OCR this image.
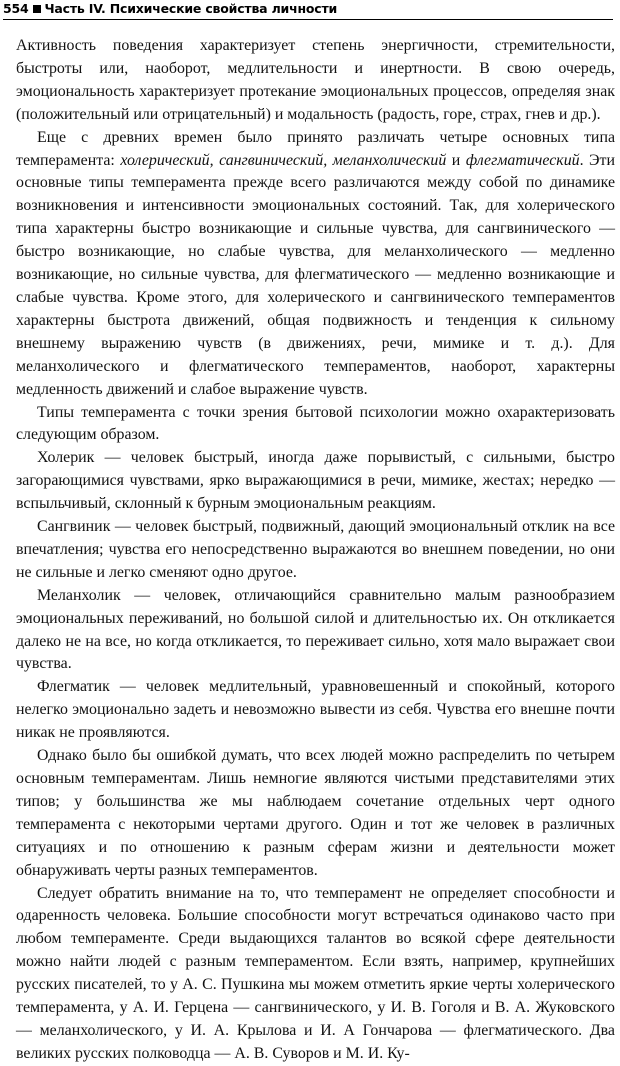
554 Часть IV. Психические свойства личности

Активность поведения характеризует степень энергичности, стремительности, быстроты или, наоборот, медлительности и инертности. В свою очередь, эмоциональность характеризует протекание эмоциональных процессов, определяя знак (положительный или отрицательный) и модальность (радость, горе, страх, гнев и др.).

Еще с древних времен было принято различать четыре основных типа темперамента: холерический, сангвинический, меланхолический и флегматический. Эти основные типы темперамента прежде всего различаются между собой по динамике возникновения и интенсивности эмоциональных состояний. Так, для холерического типа характерны быстро возникающие и сильные чувства, для сангвинического — быстро возникающие, но слабые чувства, для меланхолического — медленно возникающие, но сильные чувства, для флегматического — медленно возникающие и слабые чувства. Кроме этого, для холерического и сангвинического темпераментов характерны быстрота движений, общая подвижность и тенденция к сильному внешнему выражению чувств (в движениях, речи, мимике и т. д.). Для меланхолического и флегматического темпераментов, наоборот, характерны медленность движений и слабое выражение чувств.

Типы темперамента с точки зрения бытовой психологии можно охарактеризовать следующим образом.

Холерик — человек быстрый, иногда даже порывистый, с сильными, быстро загорающимися чувствами, ярко выражающимися в речи, мимике, жестах; нередко — вспыльчивый, склонный к бурным эмоциональным реакциям.

Сангвиник — человек быстрый, подвижный, дающий эмоциональный отклик на все впечатления; чувства его непосредственно выражаются во внешнем поведении, но они не сильные и легко сменяют одно другое.

Меланхолик — человек, отличающийся сравнительно малым разнообразием эмоциональных переживаний, но большой силой и длительностью их. Он откликается далеко не на все, но когда откликается, то переживает сильно, хотя мало выражает свои чувства.

Флегматик — человек медлительный, уравновешенный и спокойный, которого нелегко эмоционально задеть и невозможно вывести из себя. Чувства его внешне почти никак не проявляются.

Однако было бы ошибкой думать, что всех людей можно распределить по четырем основным темпераментам. Лишь немногие являются чистыми представителями этих типов; у большинства же мы наблюдаем сочетание отдельных черт одного темперамента с некоторыми чертами другого. Один и тот же человек в различных ситуациях и по отношению к разным сферам жизни и деятельности может обнаруживать черты разных темпераментов.

Следует обратить внимание на то, что темперамент не определяет способности и одаренность человека. Большие способности могут встречаться одинаково часто при любом темпераменте. Среди выдающихся талантов во всякой сфере деятельности можно найти людей с разным темпераментом. Если взять, например, крупнейших русских писателей, то у А. С. Пушкина мы можем отметить яркие черты холерического темперамента, у А. И. Герцена — сангвинического, у И. В. Гоголя и В. А. Жуковского — меланхолического, у И. А. Крылова и И. А Гончарова — флегматического. Два великих русских полководца — А. В. Суворов и М. И. Ку-
